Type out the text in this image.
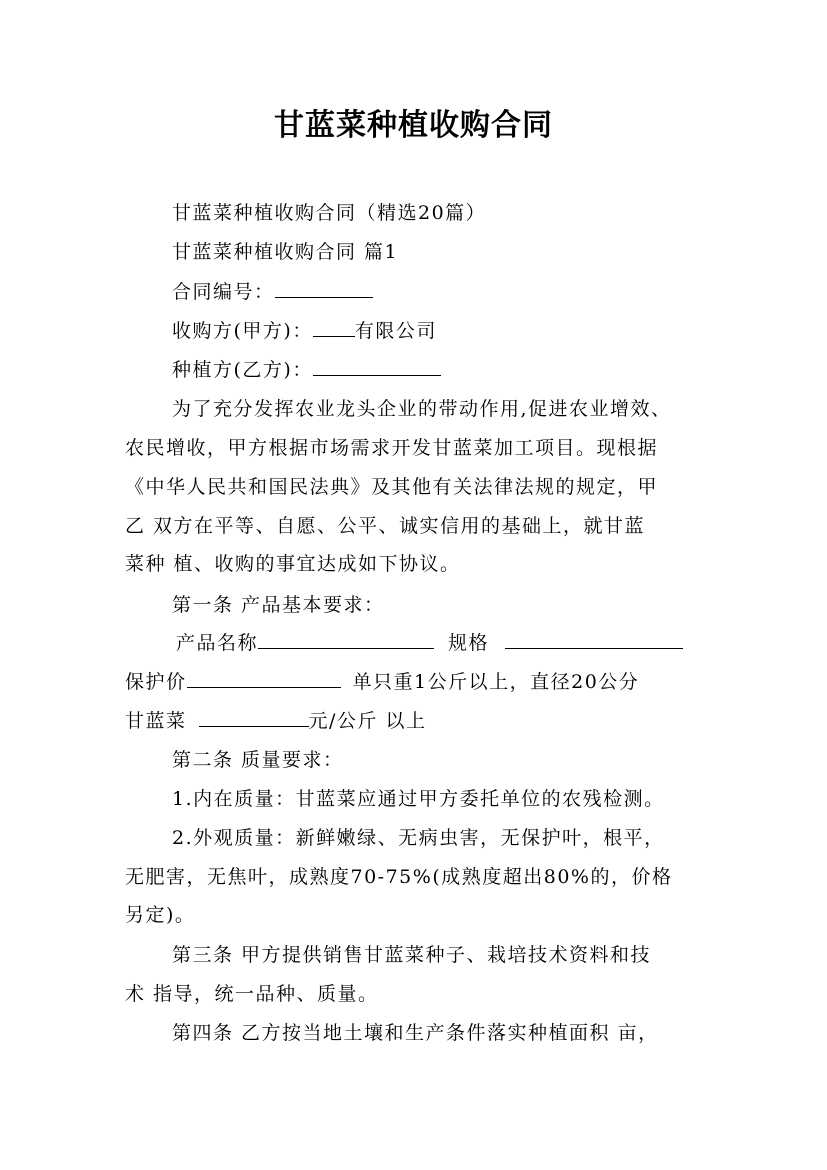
甘蓝菜种植收购合同
甘蓝菜种植收购合同（精选20篇）
甘蓝菜种植收购合同 篇1
合同编号：
收购方(甲方)： 有限公司
种植方(乙方)：
为了充分发挥农业龙头企业的带动作用,促进农业增效、
农民增收，甲方根据市场需求开发甘蓝菜加工项目。现根据
《中华人民共和国民法典》及其他有关法律法规的规定，甲
乙 双方在平等、自愿、公平、诚实信用的基础上，就甘蓝
菜种 植、收购的事宜达成如下协议。
第一条 产品基本要求：
产品名称	规格
保护价	单只重1公斤以上，直径20公分
甘蓝菜	元/公斤 以上
第二条 质量要求：
1.内在质量：甘蓝菜应通过甲方委托单位的农残检测。
2.外观质量：新鲜嫩绿、无病虫害，无保护叶，根平，
无肥害，无焦叶，成熟度70-75%(成熟度超出80%的，价格
另定)。
第三条 甲方提供销售甘蓝菜种子、栽培技术资料和技
术 指导，统一品种、质量。
第四条 乙方按当地土壤和生产条件落实种植面积 亩，
